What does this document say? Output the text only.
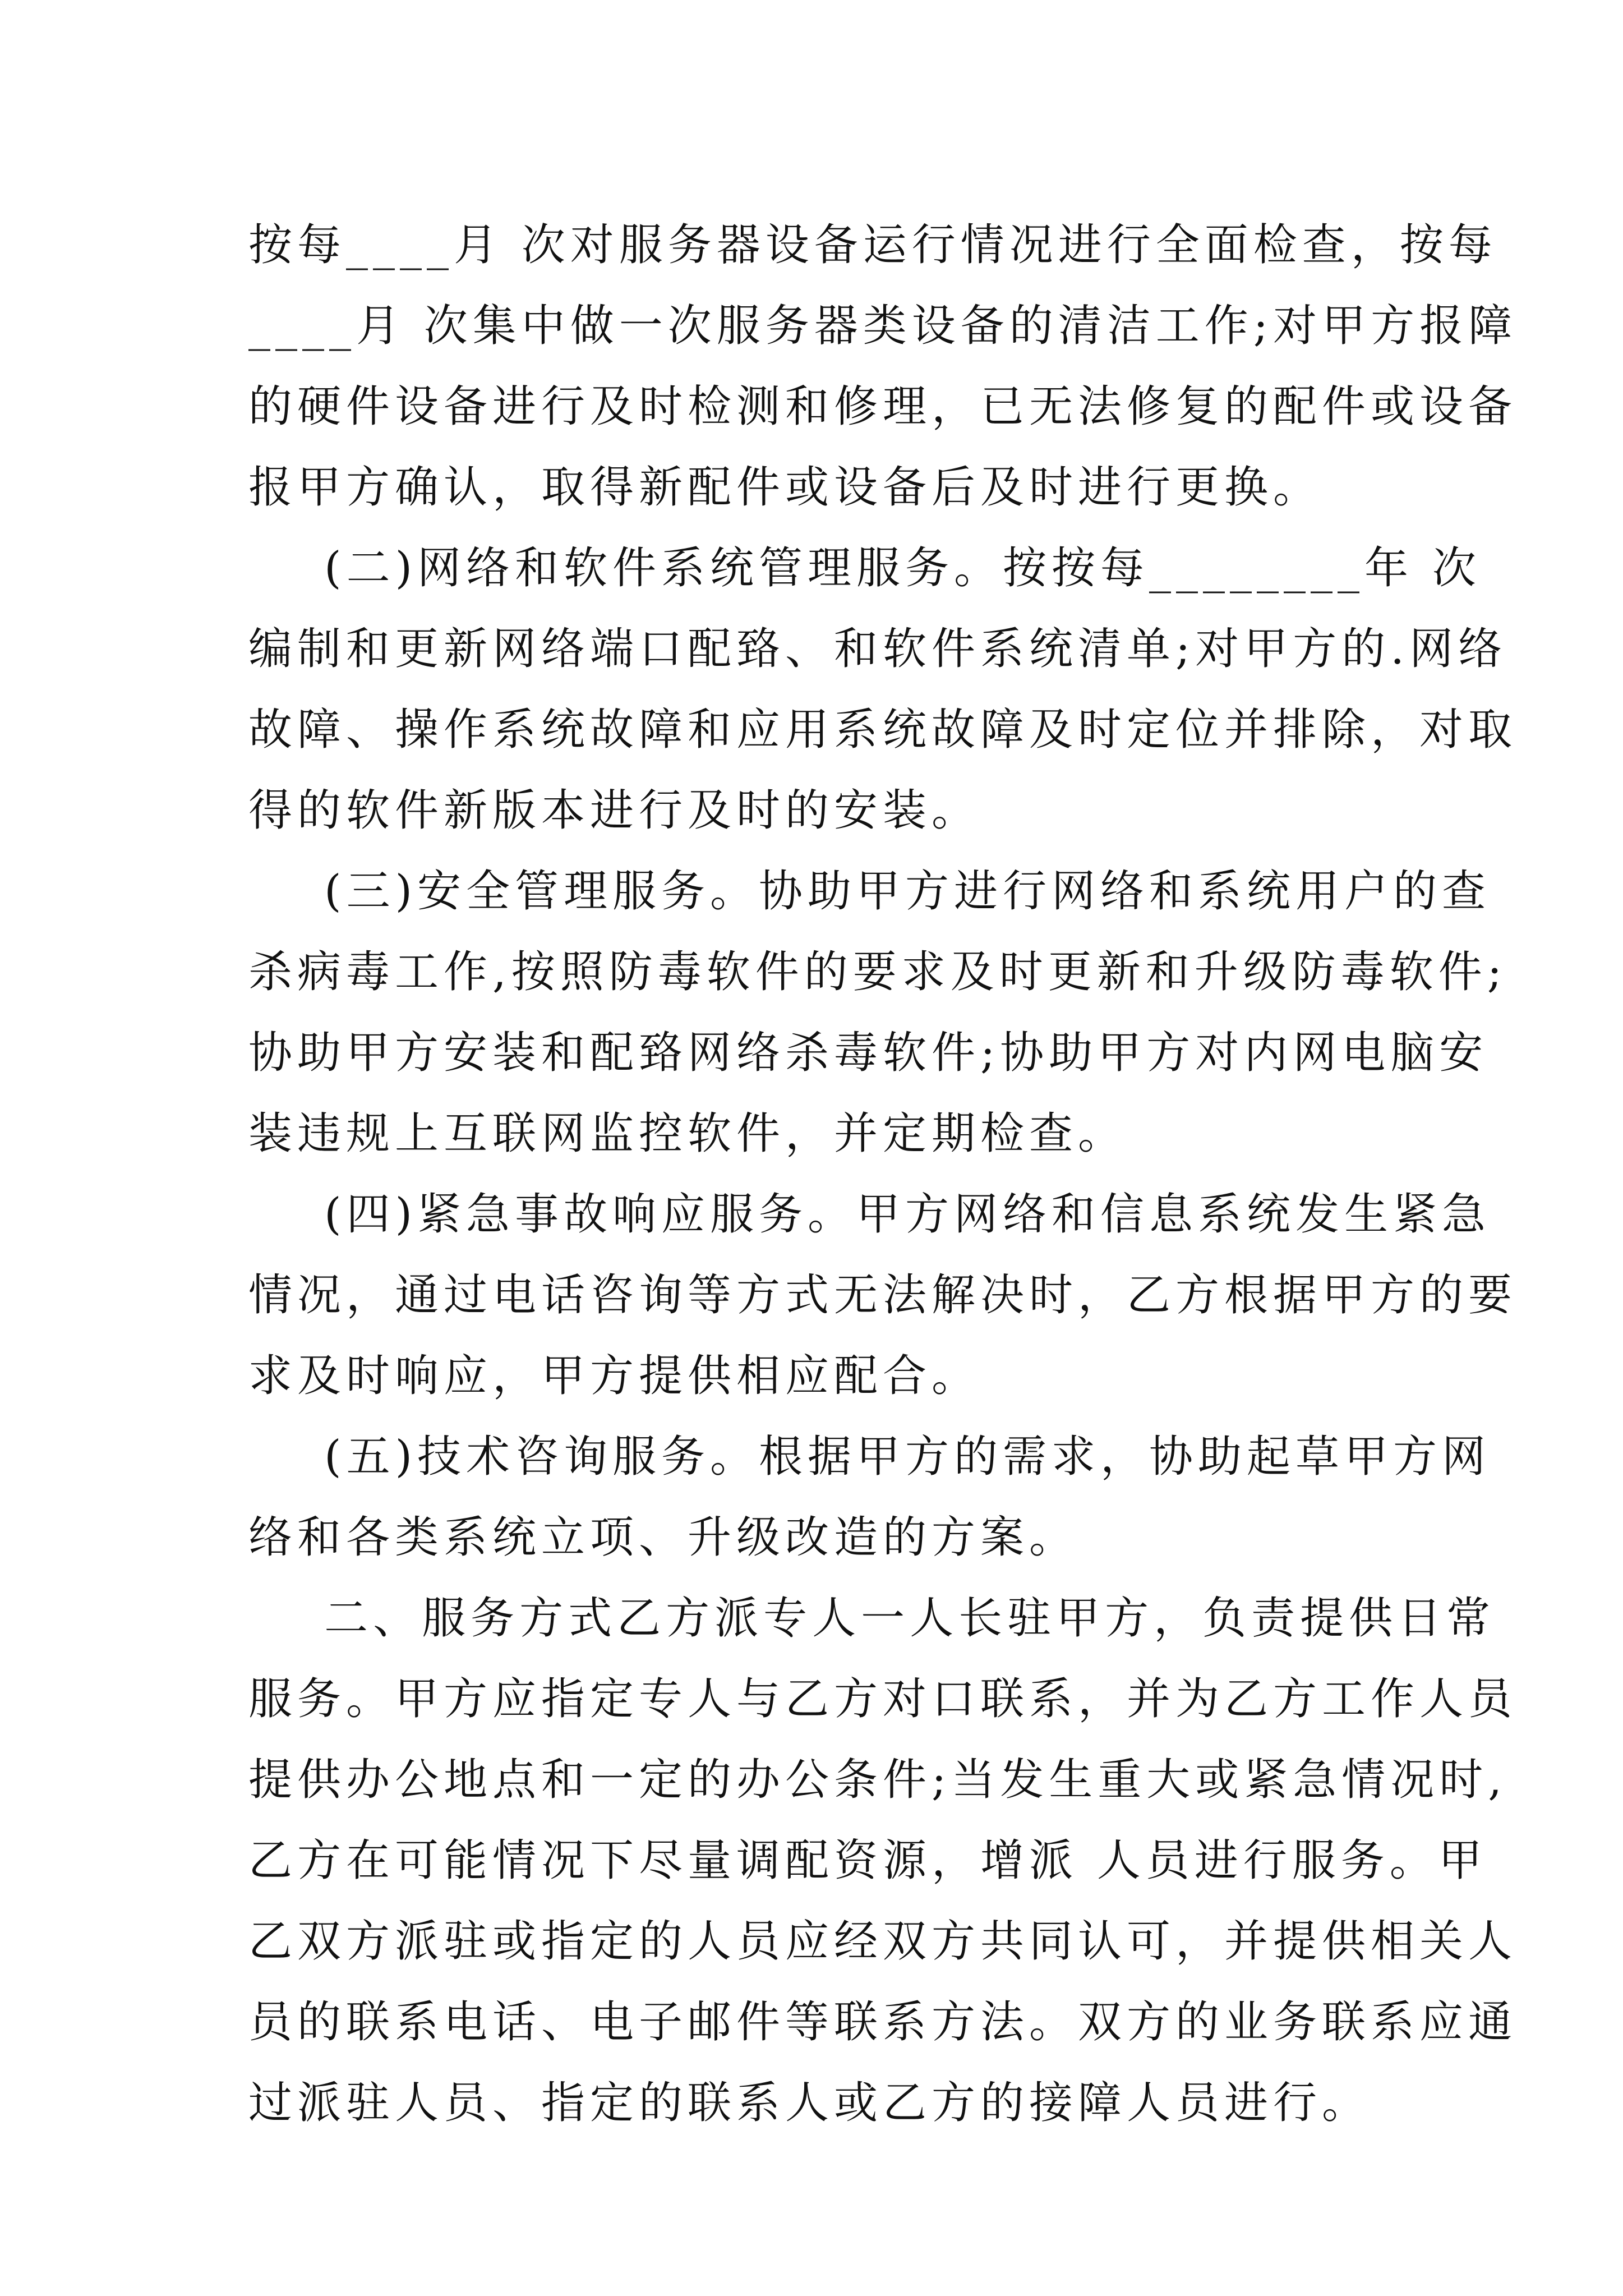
按每____月 次对服务器设备运行情况进行全面检查，按每
____月 次集中做一次服务器类设备的清洁工作;对甲方报障
的硬件设备进行及时检测和修理，已无法修复的配件或设备
报甲方确认，取得新配件或设备后及时进行更换。
(二)网络和软件系统管理服务。按按每________年 次
编制和更新网络端口配臵、和软件系统清单;对甲方的.网络
故障、操作系统故障和应用系统故障及时定位并排除，对取
得的软件新版本进行及时的安装。
(三)安全管理服务。协助甲方进行网络和系统用户的查
杀病毒工作,按照防毒软件的要求及时更新和升级防毒软件;
协助甲方安装和配臵网络杀毒软件;协助甲方对内网电脑安
装违规上互联网监控软件，并定期检查。
(四)紧急事故响应服务。甲方网络和信息系统发生紧急
情况，通过电话咨询等方式无法解决时，乙方根据甲方的要
求及时响应，甲方提供相应配合。
(五)技术咨询服务。根据甲方的需求，协助起草甲方网
络和各类系统立项、升级改造的方案。
二、服务方式乙方派专人一人长驻甲方，负责提供日常
服务。甲方应指定专人与乙方对口联系，并为乙方工作人员
提供办公地点和一定的办公条件;当发生重大或紧急情况时,
乙方在可能情况下尽量调配资源，增派 人员进行服务。甲
乙双方派驻或指定的人员应经双方共同认可，并提供相关人
员的联系电话、电子邮件等联系方法。双方的业务联系应通
过派驻人员、指定的联系人或乙方的接障人员进行。
